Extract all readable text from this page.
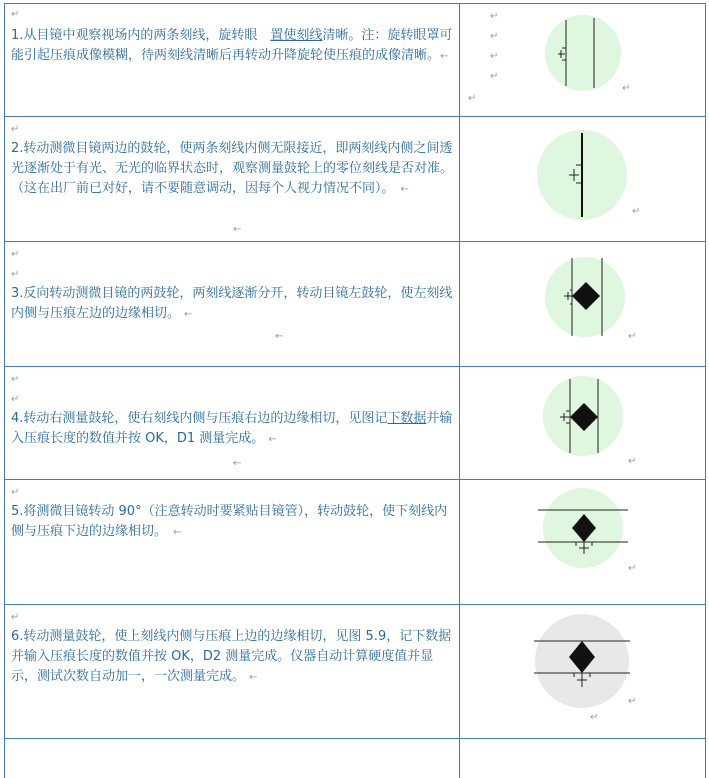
↵
1.从目镜中观察视场内的两条刻线，旋转眼　置使刻线清晰。注：旋转眼罩可能引起压痕成像模糊，待两刻线清晰后再转动升降旋轮使压痕的成像清晰。←
↵
↵
↵
↵
↵
↵
↵
2.转动测微目镜两边的鼓轮，使两条刻线内侧无限接近，即两刻线内侧之间透光逐渐处于有光、无光的临界状态时，观察测量鼓轮上的零位刻线是否对准。（这在出厂前已对好，请不要随意调动，因每个人视力情况不同）。 ←
←
↵
↵
↵
3.反向转动测微目镜的两鼓轮，两刻线逐渐分开，转动目镜左鼓轮，使左刻线内侧与压痕左边的边缘相切。 ←
←	↵
↵
↵
4.转动右测量鼓轮，使右刻线内侧与压痕右边的边缘相切，见图记下数据并输入压痕长度的数值并按 OK，D1 测量完成。 ←
←	↵
↵
5.将测微目镜转动 90°（注意转动时要紧贴目镜管），转动鼓轮，使下刻线内侧与压痕下边的边缘相切。 ←
↵
↵
6.转动测量鼓轮，使上刻线内侧与压痕上边的边缘相切，见图 5.9，记下数据并输入压痕长度的数值并按 OK，D2 测量完成。仪器自动计算硬度值并显示，测试次数自动加一，一次测量完成。 ←
↵
↵
